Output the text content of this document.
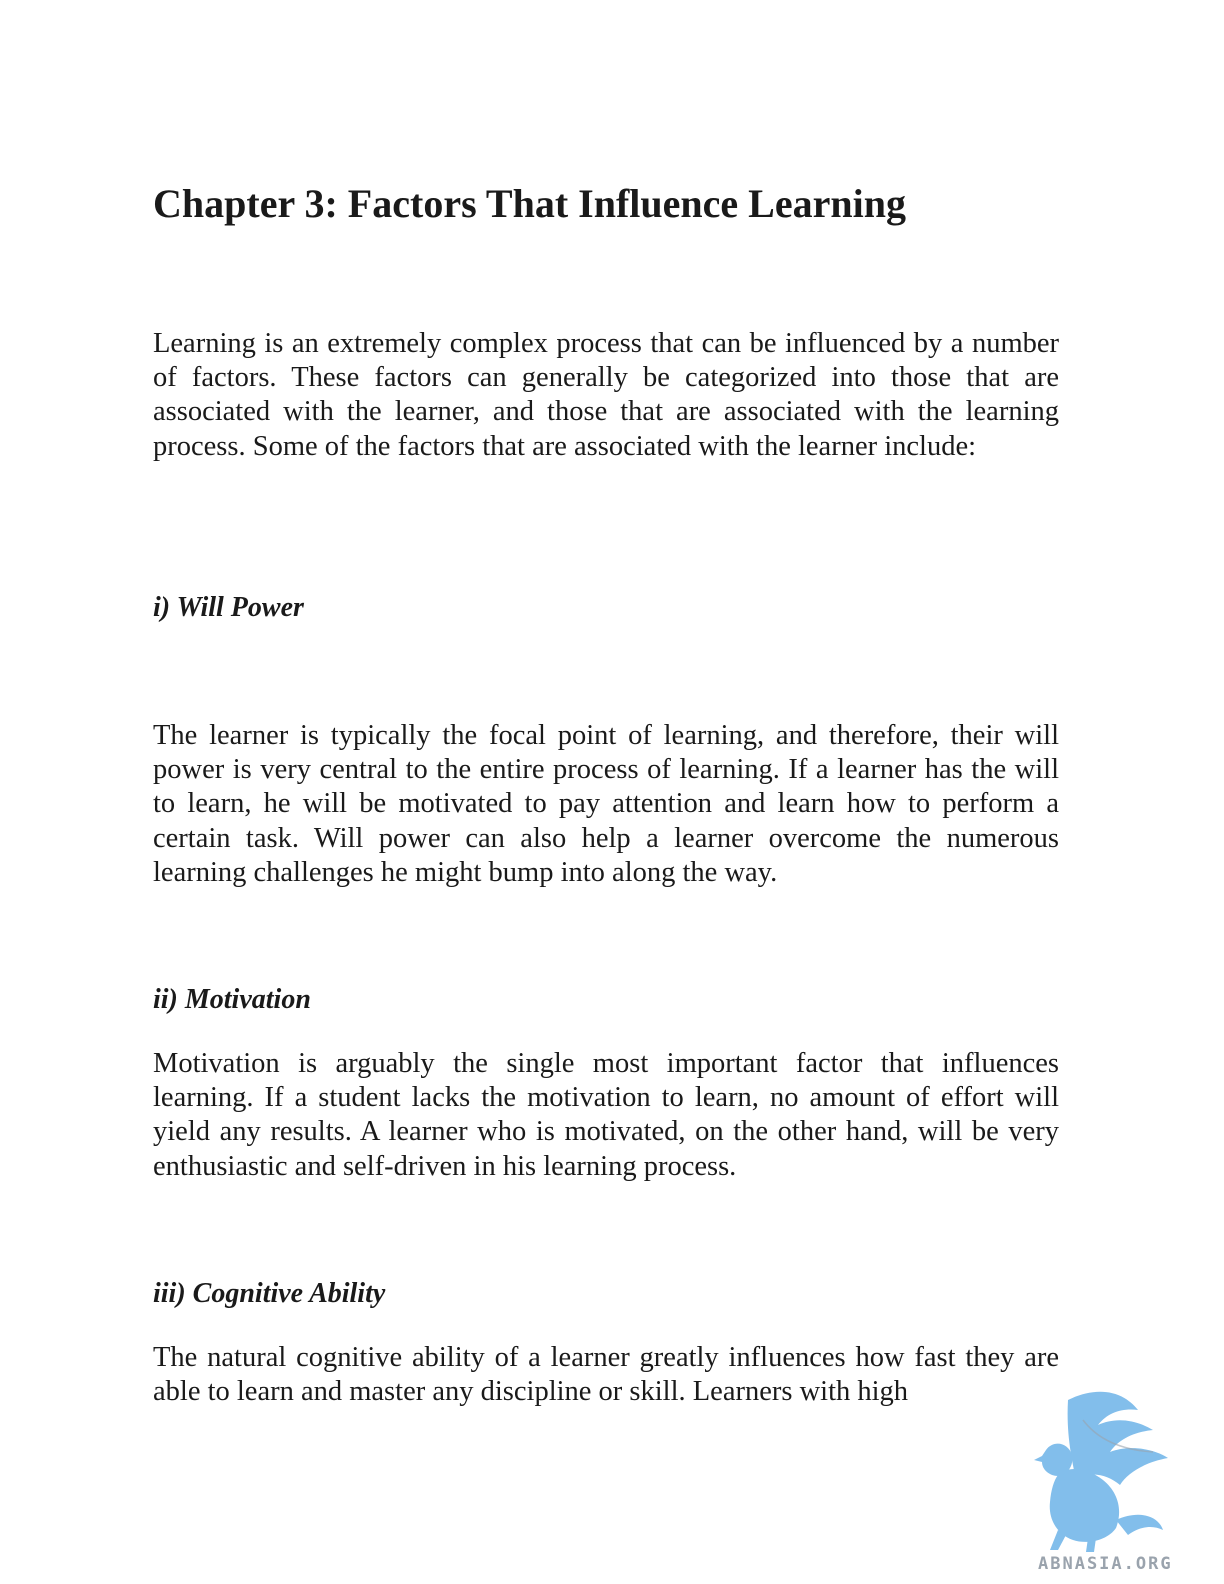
Chapter 3: Factors That Influence Learning

Learning is an extremely complex process that can be influenced by a number of factors. These factors can generally be categorized into those that are associated with the learner, and those that are associated with the learning process. Some of the factors that are associated with the learner include:

i) Will Power

The learner is typically the focal point of learning, and therefore, their will power is very central to the entire process of learning. If a learner has the will to learn, he will be motivated to pay attention and learn how to perform a certain task. Will power can also help a learner overcome the numerous learning challenges he might bump into along the way.

ii) Motivation

Motivation is arguably the single most important factor that influences learning. If a student lacks the motivation to learn, no amount of effort will yield any results. A learner who is motivated, on the other hand, will be very enthusiastic and self-driven in his learning process.

iii) Cognitive Ability

The natural cognitive ability of a learner greatly influences how fast they are able to learn and master any discipline or skill. Learners with high

ABNASIA.ORG
